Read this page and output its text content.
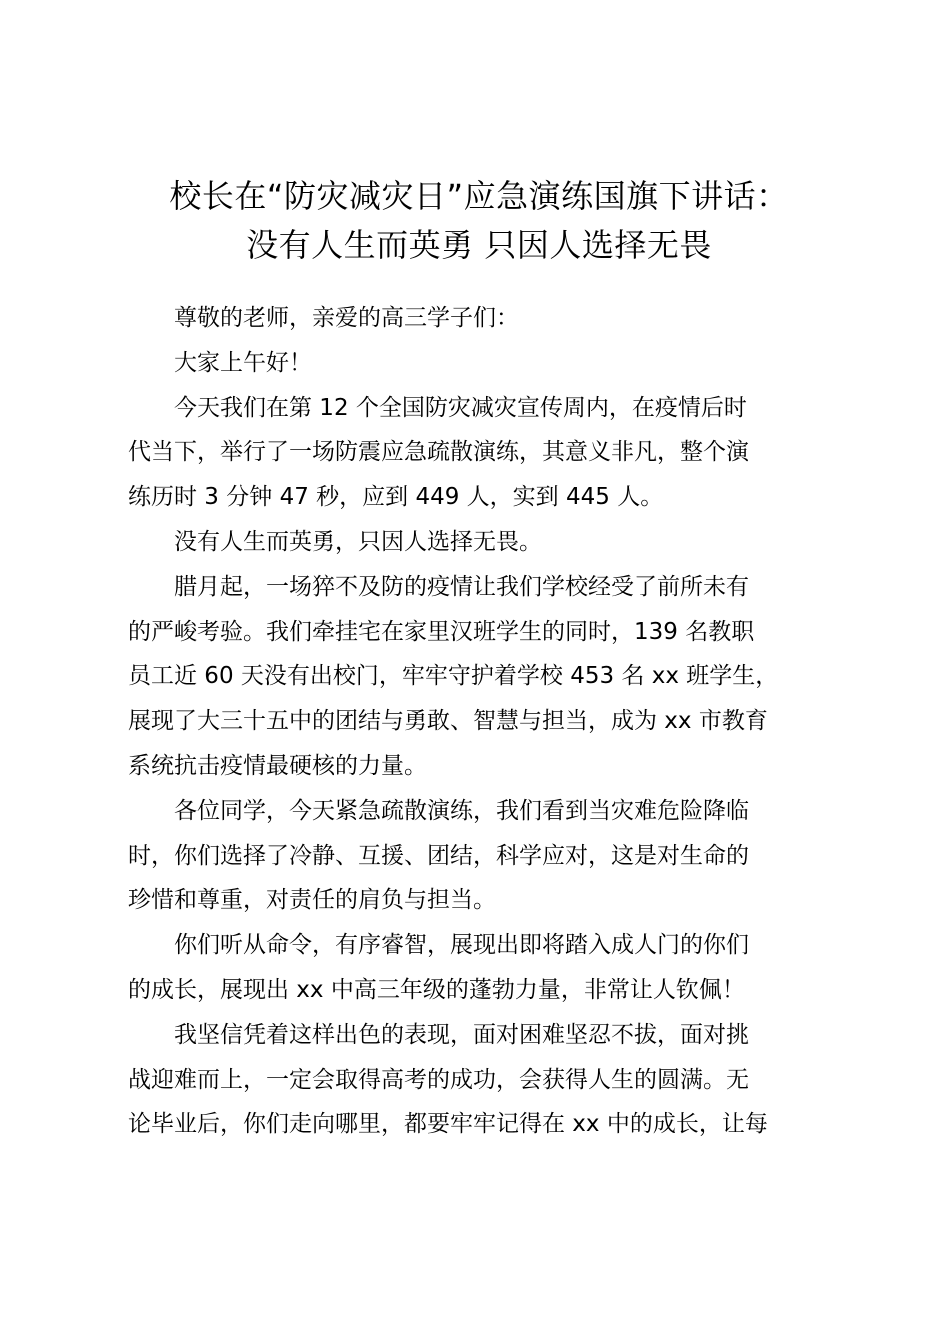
校长在“防灾减灾日”应急演练国旗下讲话：
没有人生而英勇 只因人选择无畏

尊敬的老师，亲爱的高三学子们：

大家上午好！

今天我们在第 12 个全国防灾减灾宣传周内，在疫情后时
代当下，举行了一场防震应急疏散演练，其意义非凡，整个演
练历时 3 分钟 47 秒，应到 449 人，实到 445 人。

没有人生而英勇，只因人选择无畏。

腊月起，一场猝不及防的疫情让我们学校经受了前所未有
的严峻考验。我们牵挂宅在家里汉班学生的同时，139 名教职
员工近 60 天没有出校门，牢牢守护着学校 453 名 xx 班学生，
展现了大三十五中的团结与勇敢、智慧与担当，成为 xx 市教育
系统抗击疫情最硬核的力量。

各位同学，今天紧急疏散演练，我们看到当灾难危险降临
时，你们选择了冷静、互援、团结，科学应对，这是对生命的
珍惜和尊重，对责任的肩负与担当。

你们听从命令，有序睿智，展现出即将踏入成人门的你们
的成长，展现出 xx 中高三年级的蓬勃力量，非常让人钦佩！

我坚信凭着这样出色的表现，面对困难坚忍不拔，面对挑
战迎难而上，一定会取得高考的成功，会获得人生的圆满。无
论毕业后，你们走向哪里，都要牢牢记得在 xx 中的成长，让每
